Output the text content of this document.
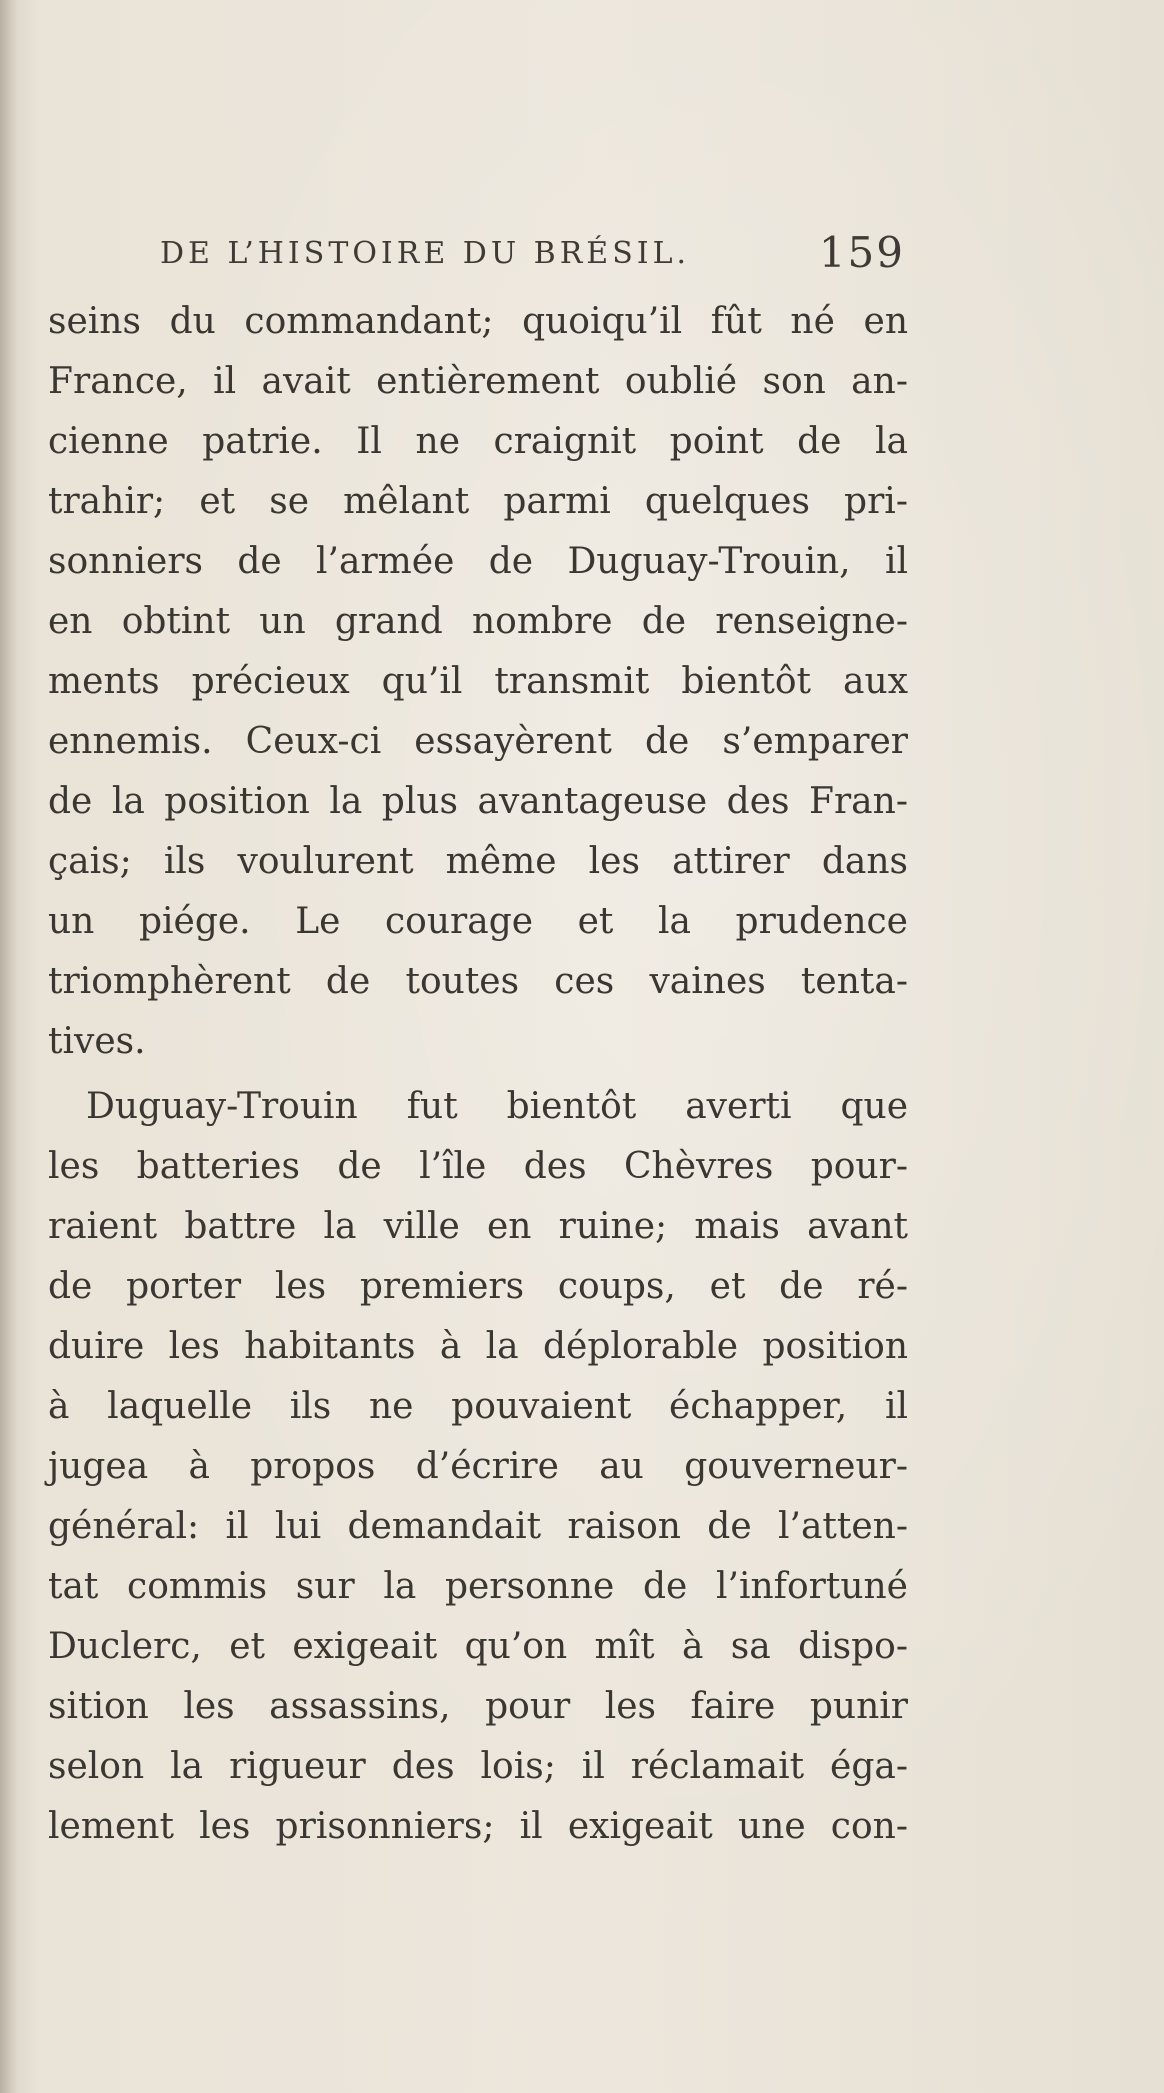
DE L’HISTOIRE DU BRÉSIL.	159
seins du commandant; quoiqu’il fût né en
France, il avait entièrement oublié son an-
cienne patrie. Il ne craignit point de la
trahir; et se mêlant parmi quelques pri-
sonniers de l’armée de Duguay-Trouin, il
en obtint un grand nombre de renseigne-
ments précieux qu’il transmit bientôt aux
ennemis. Ceux-ci essayèrent de s’emparer
de la position la plus avantageuse des Fran-
çais; ils voulurent même les attirer dans
un piége. Le courage et la prudence
triomphèrent de toutes ces vaines tenta-
tives.
Duguay-Trouin fut bientôt averti que
les batteries de l’île des Chèvres pour-
raient battre la ville en ruine; mais avant
de porter les premiers coups, et de ré-
duire les habitants à la déplorable position
à laquelle ils ne pouvaient échapper, il
jugea à propos d’écrire au gouverneur-
général: il lui demandait raison de l’atten-
tat commis sur la personne de l’infortuné
Duclerc, et exigeait qu’on mît à sa dispo-
sition les assassins, pour les faire punir
selon la rigueur des lois; il réclamait éga-
lement les prisonniers; il exigeait une con-
